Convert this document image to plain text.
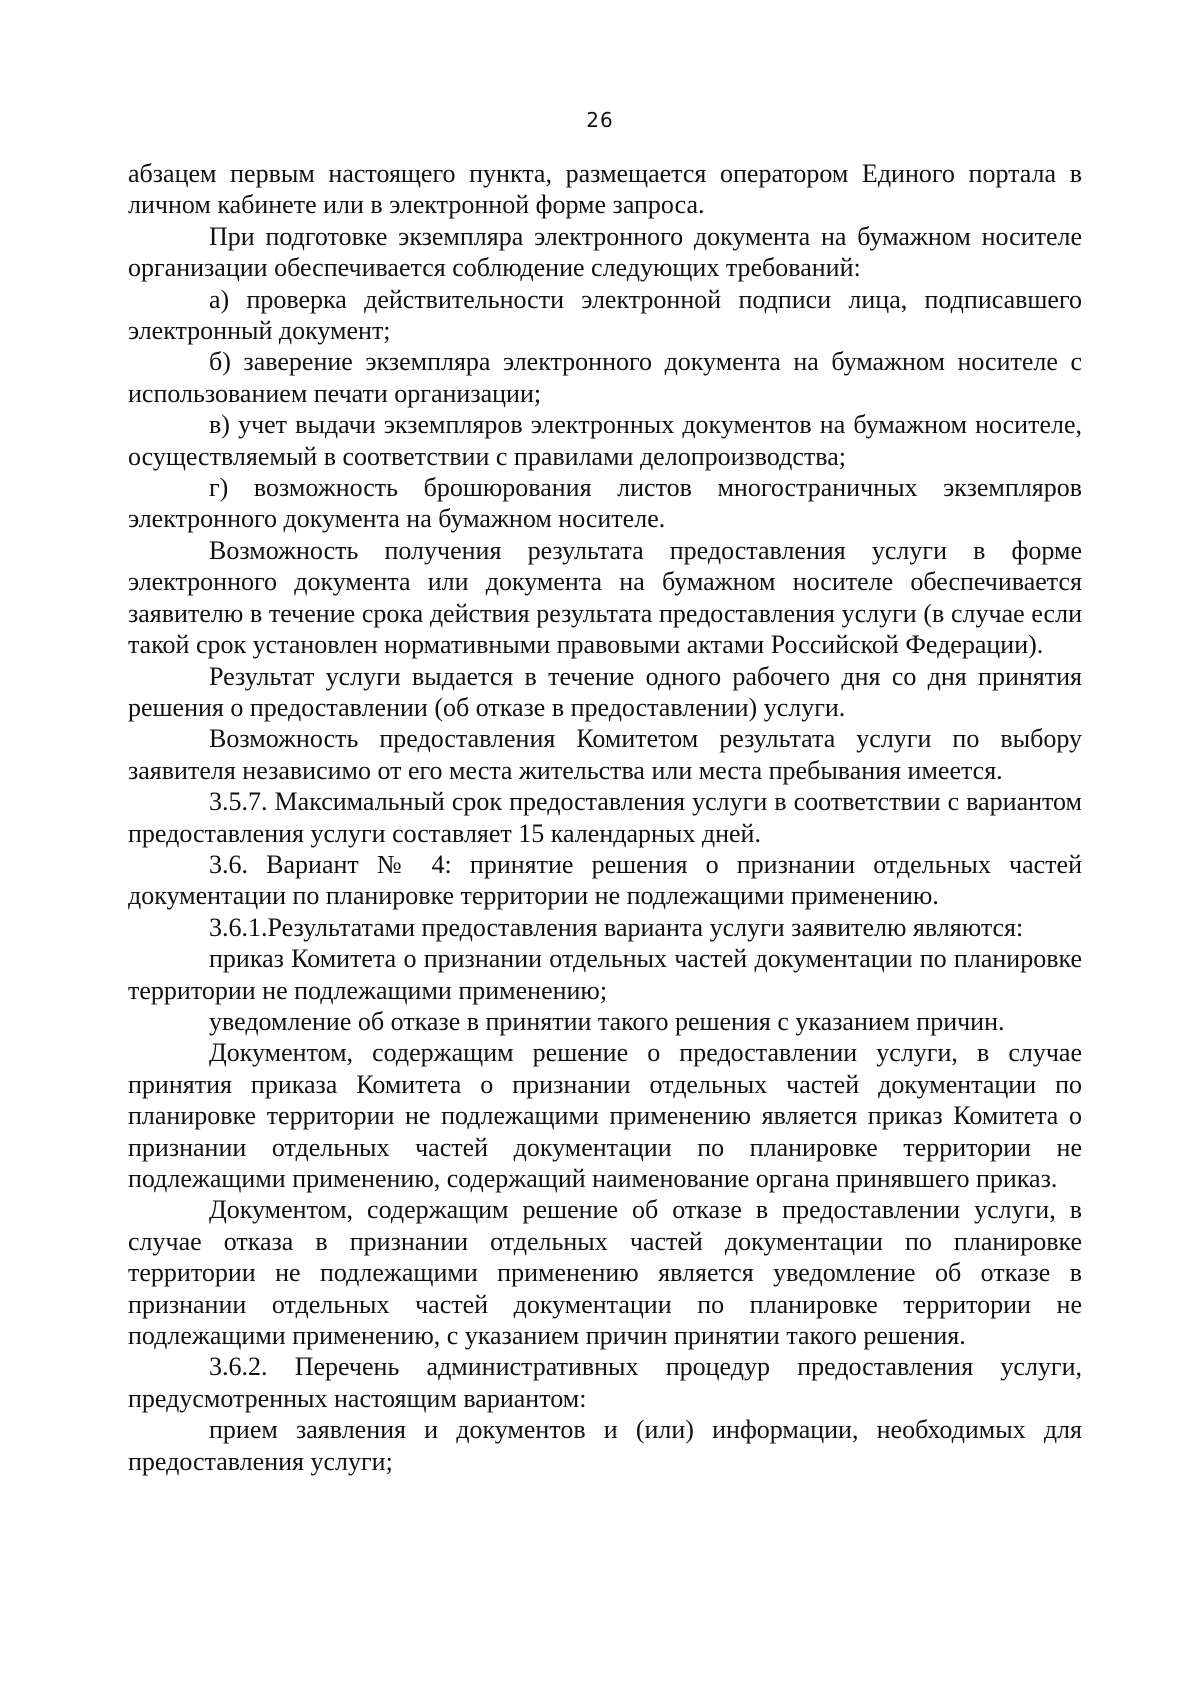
26

абзацем первым настоящего пункта, размещается оператором Единого портала в личном кабинете или в электронной форме запроса.

При подготовке экземпляра электронного документа на бумажном носителе организации обеспечивается соблюдение следующих требований:

а) проверка действительности электронной подписи лица, подписавшего электронный документ;

б) заверение экземпляра электронного документа на бумажном носителе с использованием печати организации;

в) учет выдачи экземпляров электронных документов на бумажном носителе, осуществляемый в соответствии с правилами делопроизводства;

г) возможность брошюрования листов многостраничных экземпляров электронного документа на бумажном носителе.

Возможность получения результата предоставления услуги в форме электронного документа или документа на бумажном носителе обеспечивается заявителю в течение срока действия результата предоставления услуги (в случае если такой срок установлен нормативными правовыми актами Российской Федерации).

Результат услуги выдается в течение одного рабочего дня со дня принятия решения о предоставлении (об отказе в предоставлении) услуги.

Возможность предоставления Комитетом результата услуги по выбору заявителя независимо от его места жительства или места пребывания имеется.

3.5.7. Максимальный срок предоставления услуги в соответствии с вариантом предоставления услуги составляет 15 календарных дней.

3.6. Вариант № 4: принятие решения о признании отдельных частей документации по планировке территории не подлежащими применению.

3.6.1.Результатами предоставления варианта услуги заявителю являются:

приказ Комитета о признании отдельных частей документации по планировке территории не подлежащими применению;

уведомление об отказе в принятии такого решения с указанием причин.

Документом, содержащим решение о предоставлении услуги, в случае принятия приказа Комитета о признании отдельных частей документации по планировке территории не подлежащими применению является приказ Комитета о признании отдельных частей документации по планировке территории не подлежащими применению, содержащий наименование органа принявшего приказ.

Документом, содержащим решение об отказе в предоставлении услуги, в случае отказа в признании отдельных частей документации по планировке территории не подлежащими применению является уведомление об отказе в признании отдельных частей документации по планировке территории не подлежащими применению, с указанием причин принятии такого решения.

3.6.2. Перечень административных процедур предоставления услуги, предусмотренных настоящим вариантом:

прием заявления и документов и (или) информации, необходимых для предоставления услуги;
